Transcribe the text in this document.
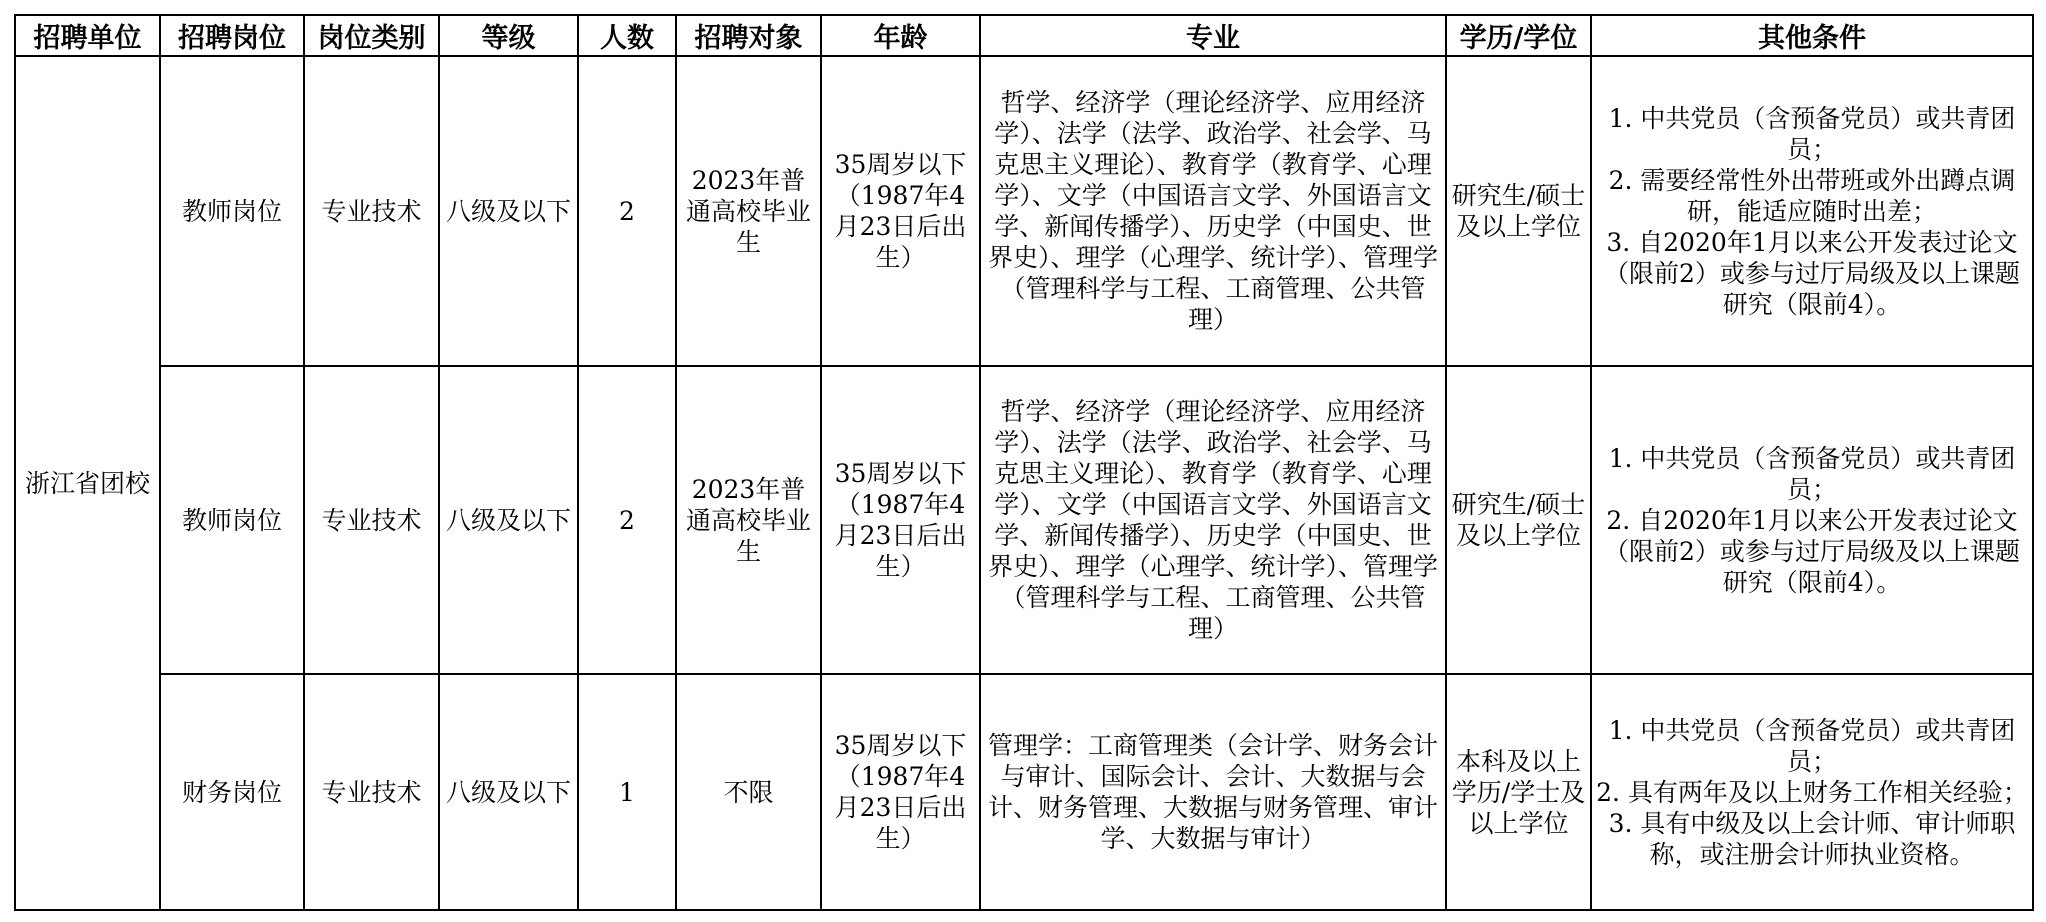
招聘单位	招聘岗位	岗位类别	等级	人数	招聘对象	年龄	专业	学历/学位	其他条件
浙江省团校	教师岗位	专业技术	八级及以下	2	2023年普通高校毕业生	35周岁以下（1987年4月23日后出生）	哲学、经济学（理论经济学、应用经济学）、法学（法学、政治学、社会学、马克思主义理论）、教育学（教育学、心理学）、文学（中国语言文学、外国语言文学、新闻传播学）、历史学（中国史、世界史）、理学（心理学、统计学）、管理学（管理科学与工程、工商管理、公共管理）	研究生/硕士及以上学位	1. 中共党员（含预备党员）或共青团员；
2. 需要经常性外出带班或外出蹲点调研，能适应随时出差；
3. 自2020年1月以来公开发表过论文（限前2）或参与过厅局级及以上课题研究（限前4）。

	教师岗位	专业技术	八级及以下	2	2023年普通高校毕业生	35周岁以下（1987年4月23日后出生）	哲学、经济学（理论经济学、应用经济学）、法学（法学、政治学、社会学、马克思主义理论）、教育学（教育学、心理学）、文学（中国语言文学、外国语言文学、新闻传播学）、历史学（中国史、世界史）、理学（心理学、统计学）、管理学（管理科学与工程、工商管理、公共管理）	研究生/硕士及以上学位	1. 中共党员（含预备党员）或共青团员；
2. 自2020年1月以来公开发表过论文（限前2）或参与过厅局级及以上课题研究（限前4）。

	财务岗位	专业技术	八级及以下	1	不限	35周岁以下（1987年4月23日后出生）	管理学：工商管理类（会计学、财务会计与审计、国际会计、会计、大数据与会计、财务管理、大数据与财务管理、审计学、大数据与审计）	本科及以上学历/学士及以上学位	1. 中共党员（含预备党员）或共青团员；
2. 具有两年及以上财务工作相关经验；
3. 具有中级及以上会计师、审计师职称，或注册会计师执业资格。
